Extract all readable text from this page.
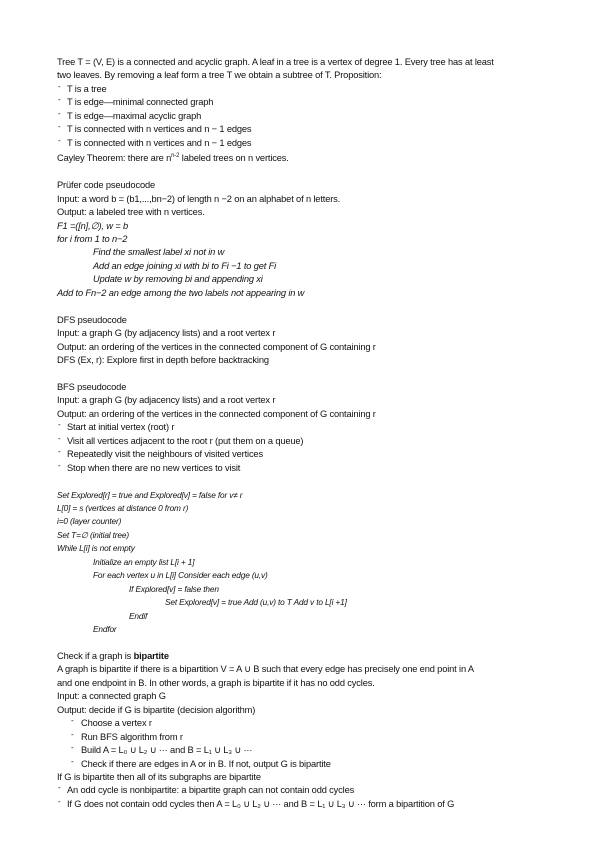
Tree T = (V, E) is a connected and acyclic graph. A leaf in a tree is a vertex of degree 1. Every tree has at least
two leaves. By removing a leaf form a tree T we obtain a subtree of T. Proposition:
- T is a tree
- T is edge—minimal connected graph
- T is edge—maximal acyclic graph
- T is connected with n vertices and n − 1 edges
- T is connected with n vertices and n − 1 edges
Cayley Theorem: there are $n^{n-2}$ labeled trees on n vertices.
Prüfer code pseudocode
Input: a word b = (b1,...,bn−2) of length n −2 on an alphabet of n letters.
Output: a labeled tree with n vertices.
F1 =([n],∅), w = b
for i from 1 to n−2
Find the smallest label xi not in w
Add an edge joining xi with bi to Fi −1 to get Fi
Update w by removing bi and appending xi
Add to Fn−2 an edge among the two labels not appearing in w
DFS pseudocode
Input: a graph G (by adjacency lists) and a root vertex r
Output: an ordering of the vertices in the connected component of G containing r
DFS (Ex, r): Explore first in depth before backtracking
BFS pseudocode
Input: a graph G (by adjacency lists) and a root vertex r
Output: an ordering of the vertices in the connected component of G containing r
- Start at initial vertex (root) r
- Visit all vertices adjacent to the root r (put them on a queue)
- Repeatedly visit the neighbours of visited vertices
- Stop when there are no new vertices to visit
Set Explored[r] = true and Explored[v] = false for v≠ r
L[0] = s (vertices at distance 0 from r)
i=0 (layer counter)
Set T=∅ (initial tree)
While L[i] is not empty
Initialize an empty list L[i + 1]
For each vertex u in L[i] Consider each edge (u,v)
If Explored[v] = false then
Set Explored[v] = true Add (u,v) to T Add v to L[i +1]
Endif
Endfor
Check if a graph is bipartite
A graph is bipartite if there is a bipartition V = A ∪ B such that every edge has precisely one end point in A
and one endpoint in B. In other words, a graph is bipartite if it has no odd cycles.
Input: a connected graph G
Output: decide if G is bipartite (decision algorithm)
- Choose a vertex r
- Run BFS algorithm from r
- Build A = L₀ ∪ L₂ ∪ ··· and B = L₁ ∪ L₃ ∪ ···
- Check if there are edges in A or in B. If not, output G is bipartite
If G is bipartite then all of its subgraphs are bipartite
- An odd cycle is nonbipartite: a bipartite graph can not contain odd cycles
- If G does not contain odd cycles then A = L₀ ∪ L₂ ∪ ··· and B = L₁ ∪ L₃ ∪ ··· form a bipartition of G
